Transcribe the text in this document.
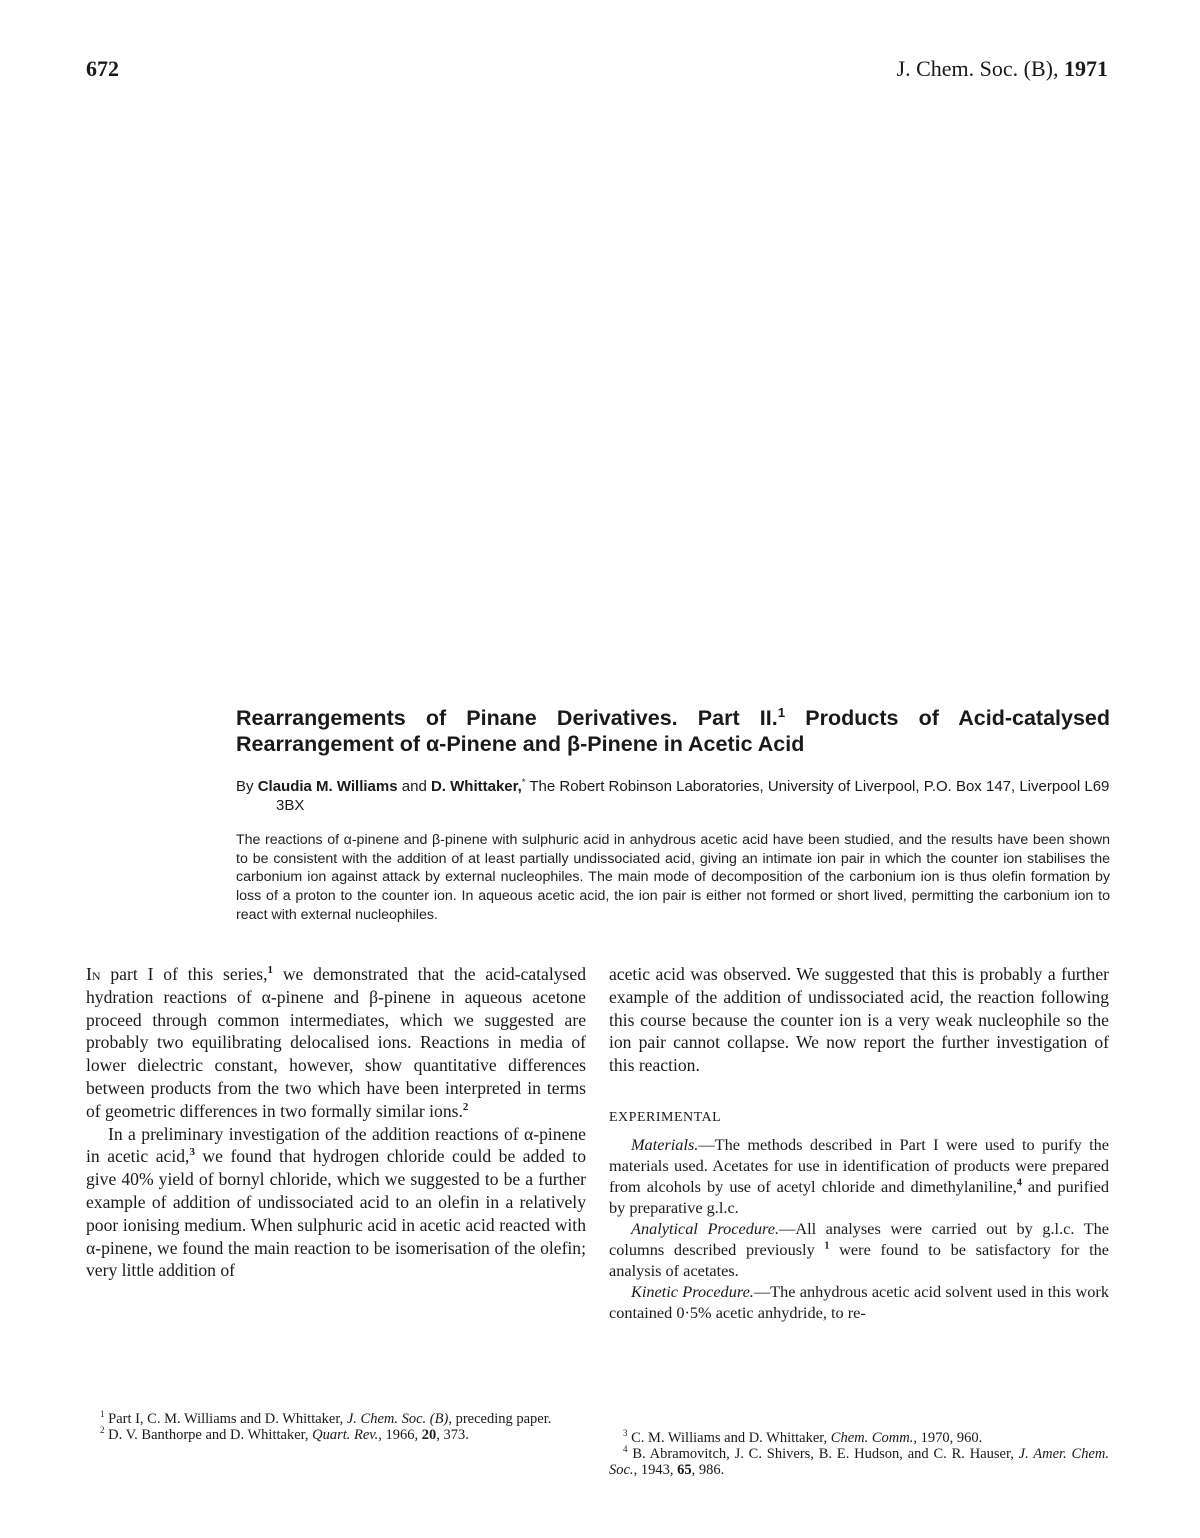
672	J. Chem. Soc. (B), 1971
Rearrangements of Pinane Derivatives. Part II.$^1$ Products of Acid-catalysed Rearrangement of α-Pinene and β-Pinene in Acetic Acid
By Claudia M. Williams and D. Whittaker,* The Robert Robinson Laboratories, University of Liverpool, P.O. Box 147, Liverpool L69 3BX
The reactions of α-pinene and β-pinene with sulphuric acid in anhydrous acetic acid have been studied, and the results have been shown to be consistent with the addition of at least partially undissociated acid, giving an intimate ion pair in which the counter ion stabilises the carbonium ion against attack by external nucleophiles. The main mode of decomposition of the carbonium ion is thus olefin formation by loss of a proton to the counter ion. In aqueous acetic acid, the ion pair is either not formed or short lived, permitting the carbonium ion to react with external nucleophiles.

In part I of this series,$^1$ we demonstrated that the acid-catalysed hydration reactions of α-pinene and β-pinene in aqueous acetone proceed through common intermediates, which we suggested are probably two equilibrating delocalised ions. Reactions in media of lower dielectric constant, however, show quantitative differences between products from the two which have been interpreted in terms of geometric differences in two formally similar ions.$^2$

In a preliminary investigation of the addition reactions of α-pinene in acetic acid,$^3$ we found that hydrogen chloride could be added to give 40% yield of bornyl chloride, which we suggested to be a further example of addition of undissociated acid to an olefin in a relatively poor ionising medium. When sulphuric acid in acetic acid reacted with α-pinene, we found the main reaction to be isomerisation of the olefin; very little addition of

acetic acid was observed. We suggested that this is probably a further example of the addition of undissociated acid, the reaction following this course because the counter ion is a very weak nucleophile so the ion pair cannot collapse. We now report the further investigation of this reaction.

EXPERIMENTAL

Materials.—The methods described in Part I were used to purify the materials used. Acetates for use in identification of products were prepared from alcohols by use of acetyl chloride and dimethylaniline,$^4$ and purified by preparative g.l.c.

Analytical Procedure.—All analyses were carried out by g.l.c. The columns described previously $^1$ were found to be satisfactory for the analysis of acetates.

Kinetic Procedure.—The anhydrous acetic acid solvent used in this work contained 0·5% acetic anhydride, to re-

$^1$ Part I, C. M. Williams and D. Whittaker, J. Chem. Soc. (B), preceding paper.

$^2$ D. V. Banthorpe and D. Whittaker, Quart. Rev., 1966, 20, 373.	$^3$ C. M. Williams and D. Whittaker, Chem. Comm., 1970, 960.

$^4$ B. Abramovitch, J. C. Shivers, B. E. Hudson, and C. R. Hauser, J. Amer. Chem. Soc., 1943, 65, 986.
